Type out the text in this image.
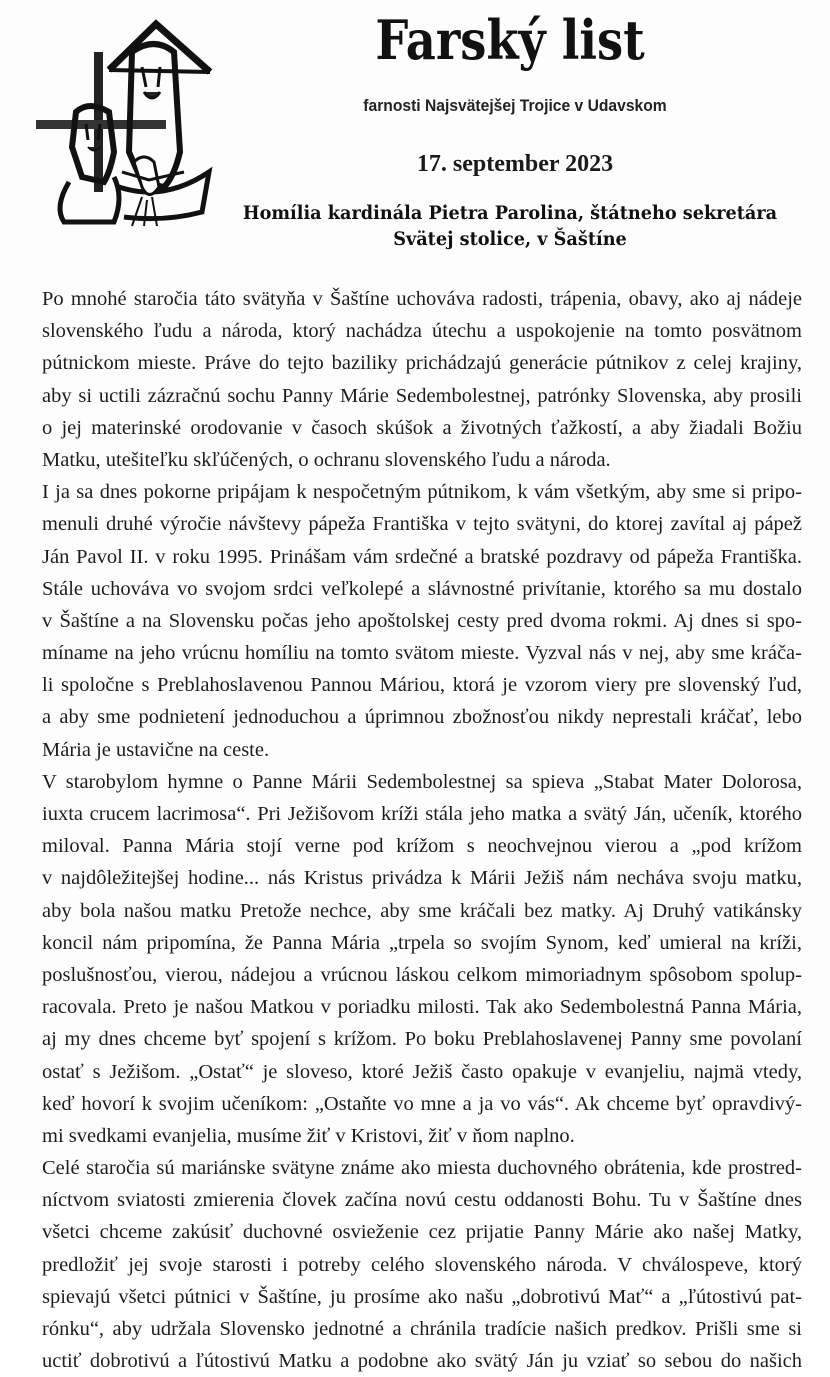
Farský list
farnosti Najsvätejšej Trojice v Udavskom
17. september 2023
Homília kardinála Pietra Parolina, štátneho sekretára
Svätej stolice, v Šaštíne
Po mnohé staročia táto svätyňa v Šaštíne uchováva radosti, trápenia, obavy, ako aj nádeje
slovenského ľudu a národa, ktorý nachádza útechu a uspokojenie na tomto posvätnom
pútnickom mieste. Práve do tejto baziliky prichádzajú generácie pútnikov z celej krajiny,
aby si uctili zázračnú sochu Panny Márie Sedembolestnej, patrónky Slovenska, aby prosili
o jej materinské orodovanie v časoch skúšok a životných ťažkostí, a aby žiadali Božiu
Matku, utešiteľku skľúčených, o ochranu slovenského ľudu a národa.
I ja sa dnes pokorne pripájam k nespočetným pútnikom, k vám všetkým, aby sme si pripo-
menuli druhé výročie návštevy pápeža Františka v tejto svätyni, do ktorej zavítal aj pápež
Ján Pavol II. v roku 1995. Prinášam vám srdečné a bratské pozdravy od pápeža Františka.
Stále uchováva vo svojom srdci veľkolepé a slávnostné privítanie, ktorého sa mu dostalo
v Šaštíne a na Slovensku počas jeho apoštolskej cesty pred dvoma rokmi. Aj dnes si spo-
míname na jeho vrúcnu homíliu na tomto svätom mieste. Vyzval nás v nej, aby sme kráča-
li spoločne s Preblahoslavenou Pannou Máriou, ktorá je vzorom viery pre slovenský ľud,
a aby sme podnietení jednoduchou a úprimnou zbožnosťou nikdy neprestali kráčať, lebo
Mária je ustavične na ceste.
V starobylom hymne o Panne Márii Sedembolestnej sa spieva „Stabat Mater Dolorosa,
iuxta crucem lacrimosa“. Pri Ježišovom kríži stála jeho matka a svätý Ján, učeník, ktorého
miloval. Panna Mária stojí verne pod krížom s neochvejnou vierou a „pod krížom
v najdôležitejšej hodine... nás Kristus privádza k Márii Ježiš nám necháva svoju matku,
aby bola našou matku Pretože nechce, aby sme kráčali bez matky. Aj Druhý vatikánsky
koncil nám pripomína, že Panna Mária „trpela so svojím Synom, keď umieral na kríži,
poslušnosťou, vierou, nádejou a vrúcnou láskou celkom mimoriadnym spôsobom spolup-
racovala. Preto je našou Matkou v poriadku milosti. Tak ako Sedembolestná Panna Mária,
aj my dnes chceme byť spojení s krížom. Po boku Preblahoslavenej Panny sme povolaní
ostať s Ježišom. „Ostať“ je sloveso, ktoré Ježiš často opakuje v evanjeliu, najmä vtedy,
keď hovorí k svojim učeníkom: „Ostaňte vo mne a ja vo vás“. Ak chceme byť opravdivý-
mi svedkami evanjelia, musíme žiť v Kristovi, žiť v ňom naplno.
Celé staročia sú mariánske svätyne známe ako miesta duchovného obrátenia, kde prostred-
níctvom sviatosti zmierenia človek začína novú cestu oddanosti Bohu. Tu v Šaštíne dnes
všetci chceme zakúsiť duchovné osvieženie cez prijatie Panny Márie ako našej Matky,
predložiť jej svoje starosti i potreby celého slovenského národa. V chválospeve, ktorý
spievajú všetci pútnici v Šaštíne, ju prosíme ako našu „dobrotivú Mať“ a „ľútostivú pat-
rónku“, aby udržala Slovensko jednotné a chránila tradície našich predkov. Prišli sme si
uctiť dobrotivú a ľútostivú Matku a podobne ako svätý Ján ju vziať so sebou do našich
